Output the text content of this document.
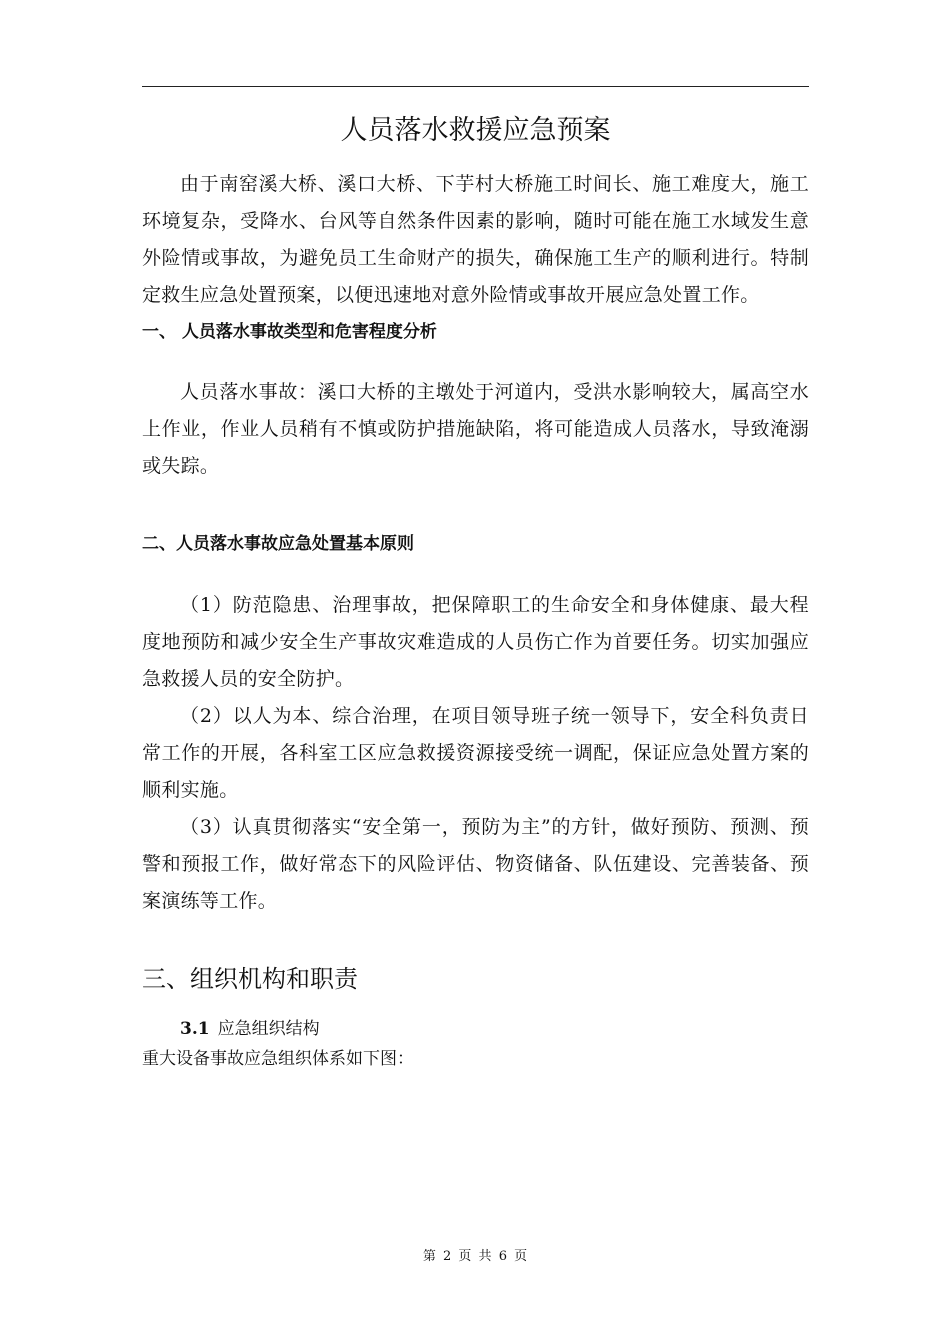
人员落水救援应急预案
由于南窑溪大桥、溪口大桥、下芋村大桥施工时间长、施工难度大，施工环境复杂，受降水、台风等自然条件因素的影响，随时可能在施工水域发生意外险情或事故，为避免员工生命财产的损失，确保施工生产的顺利进行。特制定救生应急处置预案，以便迅速地对意外险情或事故开展应急处置工作。
一、 人员落水事故类型和危害程度分析
人员落水事故：溪口大桥的主墩处于河道内，受洪水影响较大，属高空水上作业，作业人员稍有不慎或防护措施缺陷，将可能造成人员落水，导致淹溺或失踪。
二、人员落水事故应急处置基本原则
（1）防范隐患、治理事故，把保障职工的生命安全和身体健康、最大程度地预防和减少安全生产事故灾难造成的人员伤亡作为首要任务。切实加强应急救援人员的安全防护。
（2）以人为本、综合治理，在项目领导班子统一领导下，安全科负责日常工作的开展，各科室工区应急救援资源接受统一调配，保证应急处置方案的顺利实施。
（3）认真贯彻落实“安全第一，预防为主”的方针，做好预防、预测、预警和预报工作，做好常态下的风险评估、物资储备、队伍建设、完善装备、预案演练等工作。
三、组织机构和职责
3.1 应急组织结构
重大设备事故应急组织体系如下图：
第 2 页 共 6 页
